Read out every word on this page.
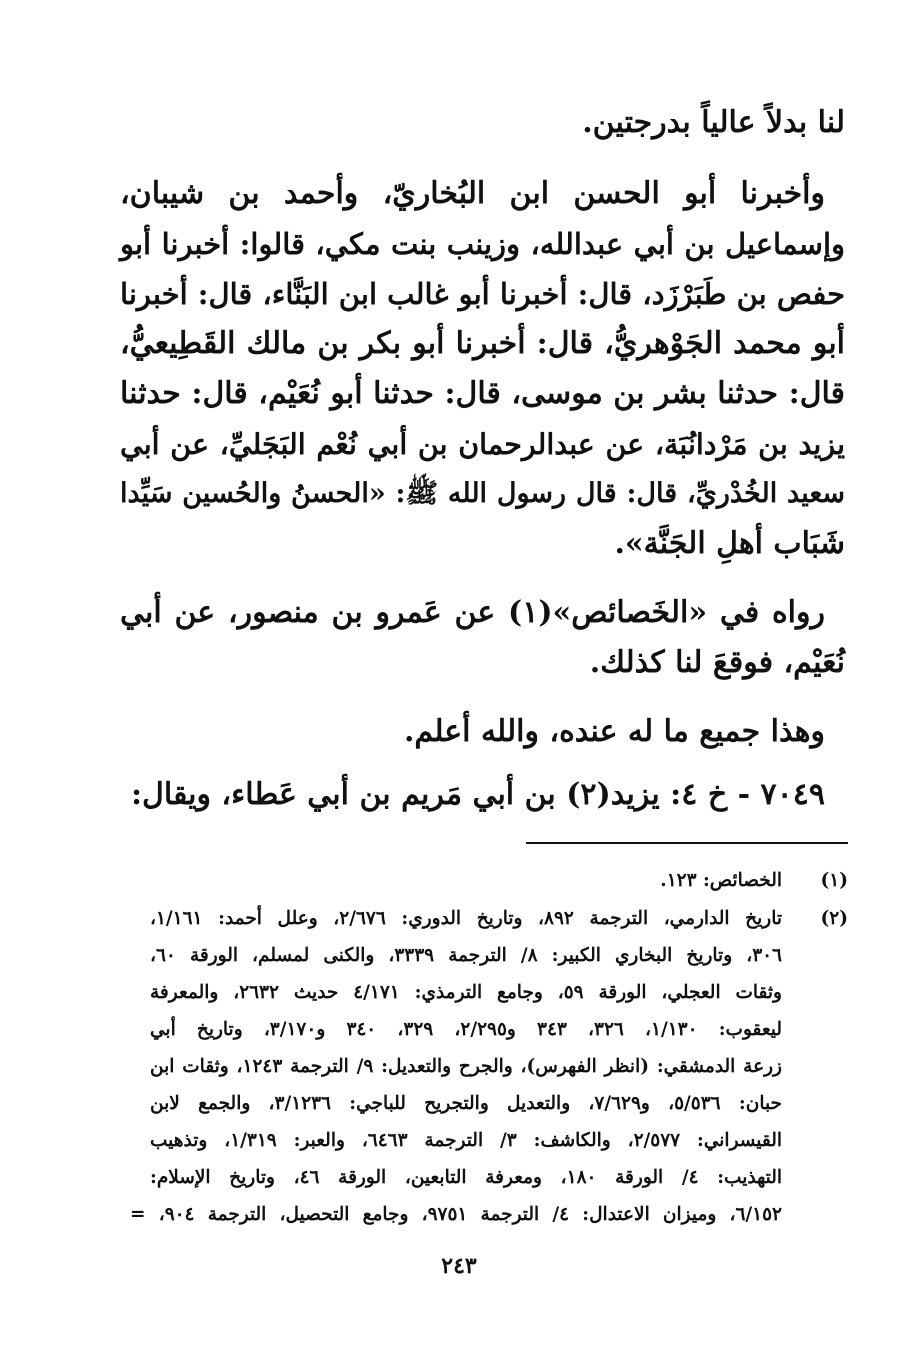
لنا بدلاً عالياً بدرجتين.
وأخبرنا أبو الحسن ابن البُخاريّ، وأحمد بن شيبان،
وإسماعيل بن أبي عبدالله، وزينب بنت مكي، قالوا: أخبرنا أبو
حفص بن طَبَرْزَد، قال: أخبرنا أبو غالب ابن البَنَّاء، قال: أخبرنا
أبو محمد الجَوْهريُّ، قال: أخبرنا أبو بكر بن مالك القَطِيعيُّ،
قال: حدثنا بشر بن موسى، قال: حدثنا أبو نُعَيْم، قال: حدثنا
يزيد بن مَرْدانُبَة، عن عبدالرحمان بن أبي نُعْم البَجَليِّ، عن أبي
سعيد الخُدْريِّ، قال: قال رسول الله ﷺ: «الحسنُ والحُسين سَيِّدا
شَبَاب أهلِ الجَنَّة».
رواه في «الخَصائص»(١) عن عَمرو بن منصور، عن أبي
نُعَيْم، فوقعَ لنا كذلك.
وهذا جميع ما له عنده، والله أعلم.
٧٠٤٩ - خ ٤: يزيد(٢) بن أبي مَريم بن أبي عَطاء، ويقال:
(١)
الخصائص: ١٢٣.
(٢)
تاريخ الدارمي، الترجمة ٨٩٢، وتاريخ الدوري: ٢/٦٧٦، وعلل أحمد: ١/١٦١،
٣٠٦، وتاريخ البخاري الكبير: ٨/ الترجمة ٣٣٣٩، والكنى لمسلم، الورقة ٦٠،
وثقات العجلي، الورقة ٥٩، وجامع الترمذي: ٤/١٧١ حديث ٢٦٣٢، والمعرفة
ليعقوب: ١/١٣٠، ٣٢٦، ٣٤٣ و٢/٢٩٥، ٣٢٩، ٣٤٠ و٣/١٧٠، وتاريخ أبي
زرعة الدمشقي: (انظر الفهرس)، والجرح والتعديل: ٩/ الترجمة ١٢٤٣، وثقات ابن
حبان: ٥/٥٣٦، و٧/٦٢٩، والتعديل والتجريح للباجي: ٣/١٢٣٦، والجمع لابن
القيسراني: ٢/٥٧٧، والكاشف: ٣/ الترجمة ٦٤٦٣، والعبر: ١/٣١٩، وتذهيب
التهذيب: ٤/ الورقة ١٨٠، ومعرفة التابعين، الورقة ٤٦، وتاريخ الإسلام:
٦/١٥٢، وميزان الاعتدال: ٤/ الترجمة ٩٧٥١، وجامع التحصيل، الترجمة ٩٠٤، =
٢٤٣
